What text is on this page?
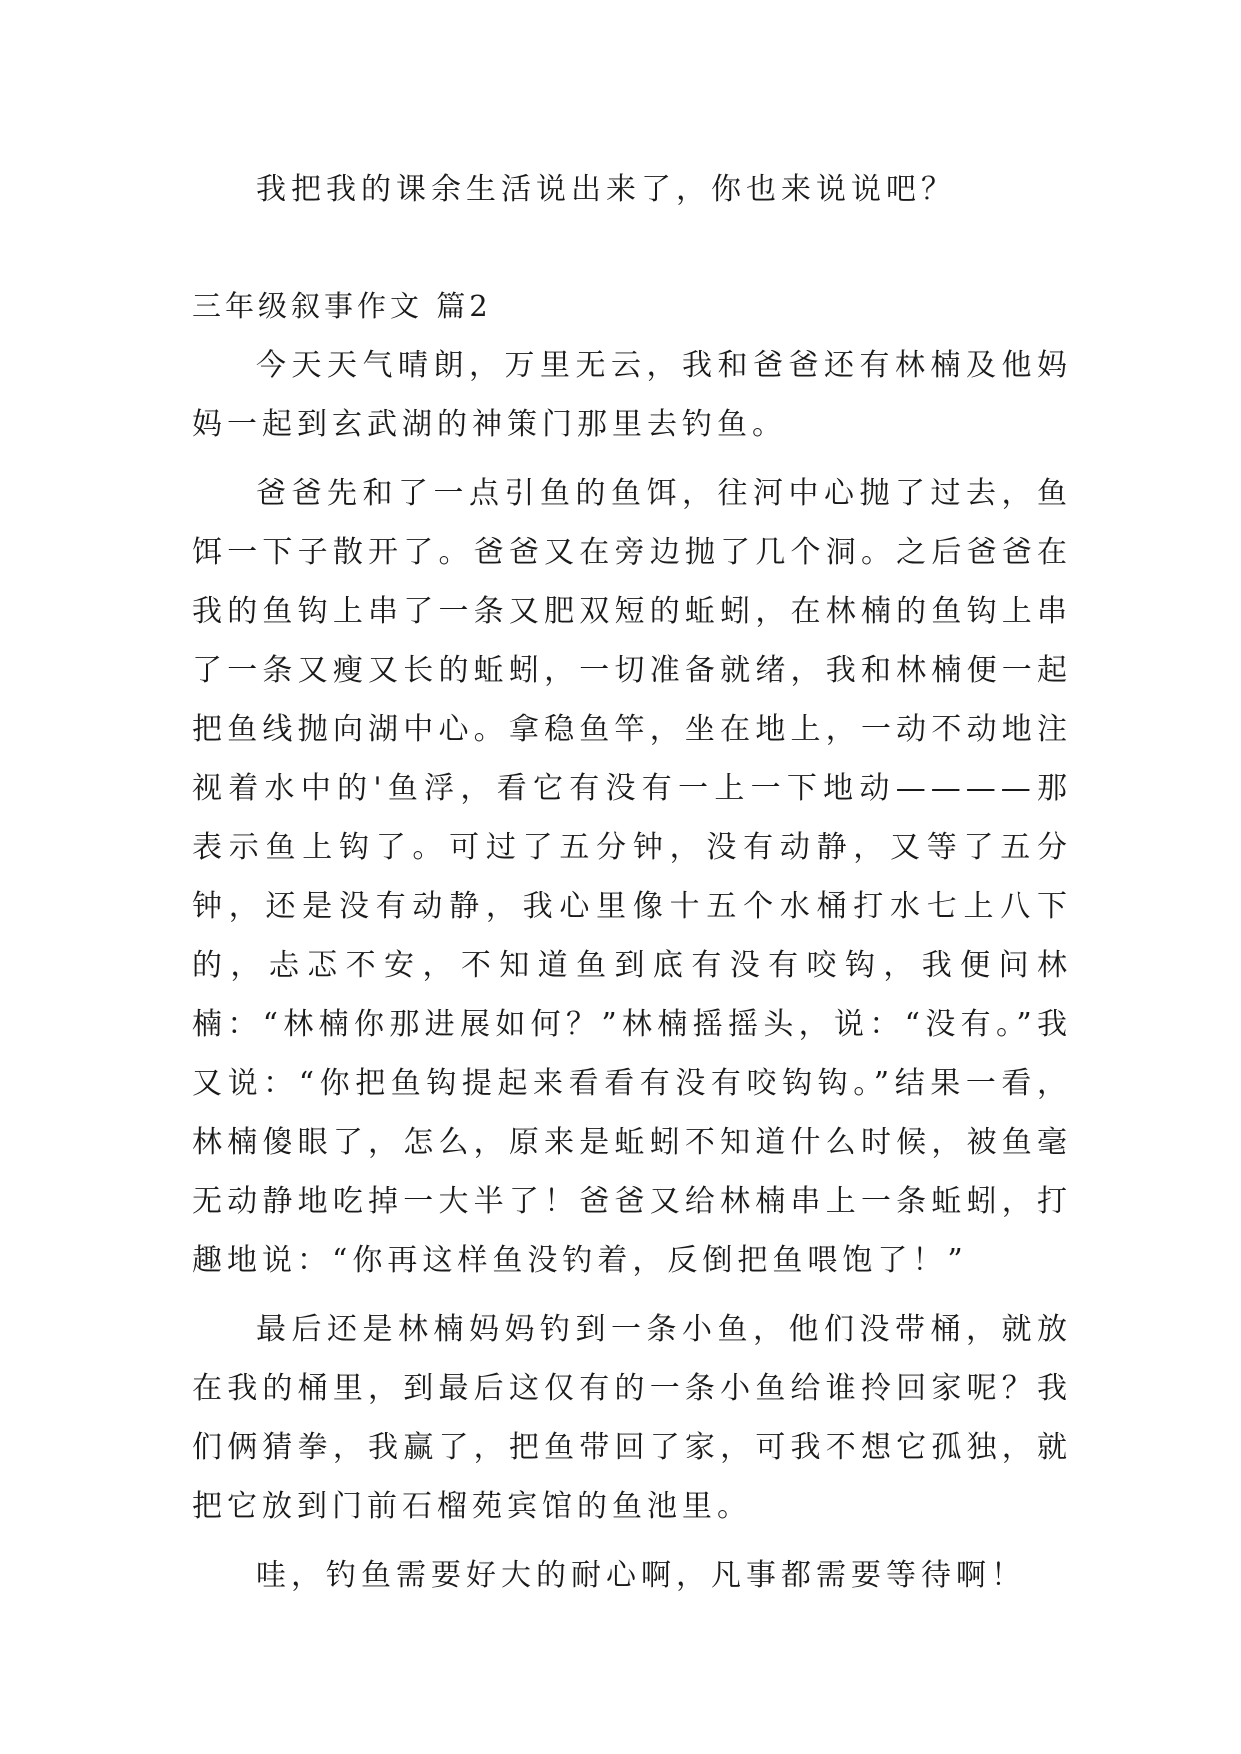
我把我的课余生活说出来了，你也来说说吧？

三年级叙事作文 篇2

今天天气晴朗，万里无云，我和爸爸还有林楠及他妈妈一起到玄武湖的神策门那里去钓鱼。

爸爸先和了一点引鱼的鱼饵，往河中心抛了过去，鱼饵一下子散开了。爸爸又在旁边抛了几个洞。之后爸爸在我的鱼钩上串了一条又肥双短的蚯蚓，在林楠的鱼钩上串了一条又瘦又长的蚯蚓，一切准备就绪，我和林楠便一起把鱼线抛向湖中心。拿稳鱼竿，坐在地上，一动不动地注视着水中的'鱼浮，看它有没有一上一下地动————那表示鱼上钩了。可过了五分钟，没有动静，又等了五分钟，还是没有动静，我心里像十五个水桶打水七上八下的，忐忑不安，不知道鱼到底有没有咬钩，我便问林楠：“林楠你那进展如何？”林楠摇摇头，说：“没有。”我又说：“你把鱼钩提起来看看有没有咬钩钩。”结果一看，林楠傻眼了，怎么，原来是蚯蚓不知道什么时候，被鱼毫无动静地吃掉一大半了！爸爸又给林楠串上一条蚯蚓，打趣地说：“你再这样鱼没钓着，反倒把鱼喂饱了！”

最后还是林楠妈妈钓到一条小鱼，他们没带桶，就放在我的桶里，到最后这仅有的一条小鱼给谁拎回家呢？我们俩猜拳，我赢了，把鱼带回了家，可我不想它孤独，就把它放到门前石榴苑宾馆的鱼池里。

哇，钓鱼需要好大的耐心啊，凡事都需要等待啊！
